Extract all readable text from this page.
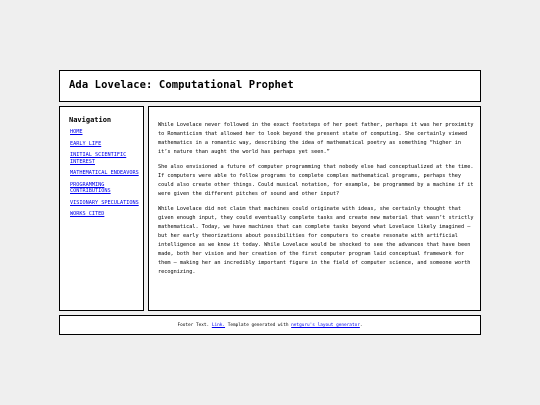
Ada Lovelace: Computational Prophet
Navigation
HOME
EARLY LIFE
INITIAL SCIENTIFIC INTEREST
MATHEMATICAL ENDEAVORS
PROGRAMMING CONTRIBUTIONS
VISIONARY SPECULATIONS
WORKS CITED

While Lovelace never followed in the exact footsteps of her poet father, perhaps it was her proximity to Romanticism that allowed her to look beyond the present state of computing. She certainly viewed mathematics in a romantic way, describing the idea of mathematical poetry as something “higher in it’s nature than aught the world has perhaps yet seen.”

She also envisioned a future of computer programming that nobody else had conceptualized at the time. If computers were able to follow programs to complete complex mathematical programs, perhaps they could also create other things. Could musical notation, for example, be programmed by a machine if it were given the different pitches of sound and other input?

While Lovelace did not claim that machines could originate with ideas, she certainly thought that given enough input, they could eventually complete tasks and create new material that wasn’t strictly mathematical. Today, we have machines that can complete tasks beyond what Lovelace likely imagined — but her early theorizations about possibilities for computers to create resonate with artificial intelligence as we know it today. While Lovelace would be shocked to see the advances that have been made, both her vision and her creation of the first computer program laid conceptual framework for them — making her an incredibly important figure in the field of computer science, and someone worth recognizing.

Footer Text. Link. Template generated with netguru's layout generator.
